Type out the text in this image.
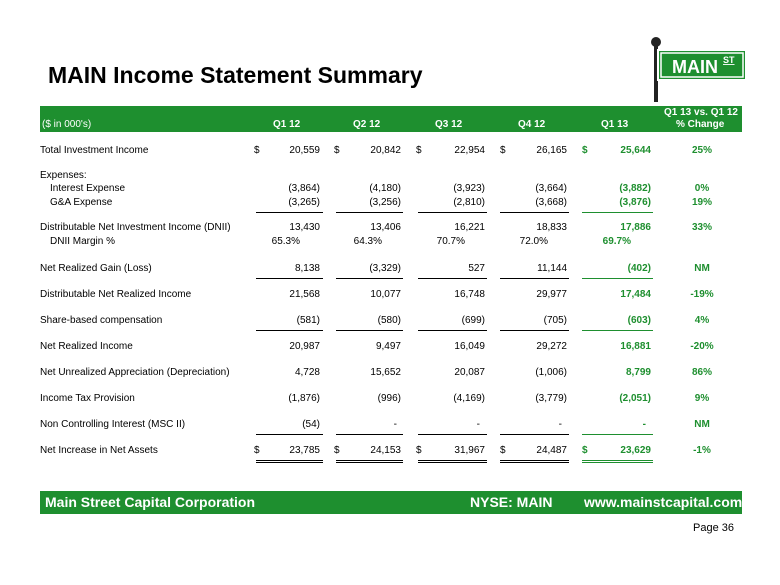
MAIN Income Statement Summary	MAIN ST
($ in 000's)	Q1 12	Q2 12	Q3 12	Q4 12	Q1 13
Q1 13 vs. Q1 12
% Change
Total Investment Income	$	20,559 $	20,842 $	22,954 $	26,165 $	25,644	25%
Expenses:
Interest Expense	(3,864)	(4,180)	(3,923)	(3,664)	(3,882)	0%
G&A Expense	(3,265)	(3,256)	(2,810)	(3,668)	(3,876)	19%
Distributable Net Investment Income (DNII)	13,430	13,406	16,221	18,833	17,886	33%
DNII Margin %	65.3%	64.3%	70.7%	72.0%	69.7%
Net Realized Gain (Loss)	8,138	(3,329)	527	11,144	(402)	NM
Distributable Net Realized Income	21,568	10,077	16,748	29,977	17,484	-19%
Share-based compensation	(581)	(580)	(699)	(705)	(603)	4%
Net Realized Income	20,987	9,497	16,049	29,272	16,881	-20%
Net Unrealized Appreciation (Depreciation)	4,728	15,652	20,087	(1,006)	8,799	86%
Income Tax Provision	(1,876)	(996)	(4,169)	(3,779)	(2,051)	9%
Non Controlling Interest (MSC II)	(54)	-	-	-	-	NM
Net Increase in Net Assets	$	23,785 $	24,153 $	31,967 $	24,487 $	23,629	-1%
Main Street Capital Corporation	NYSE: MAIN www.mainstcapital.com
Page 36
